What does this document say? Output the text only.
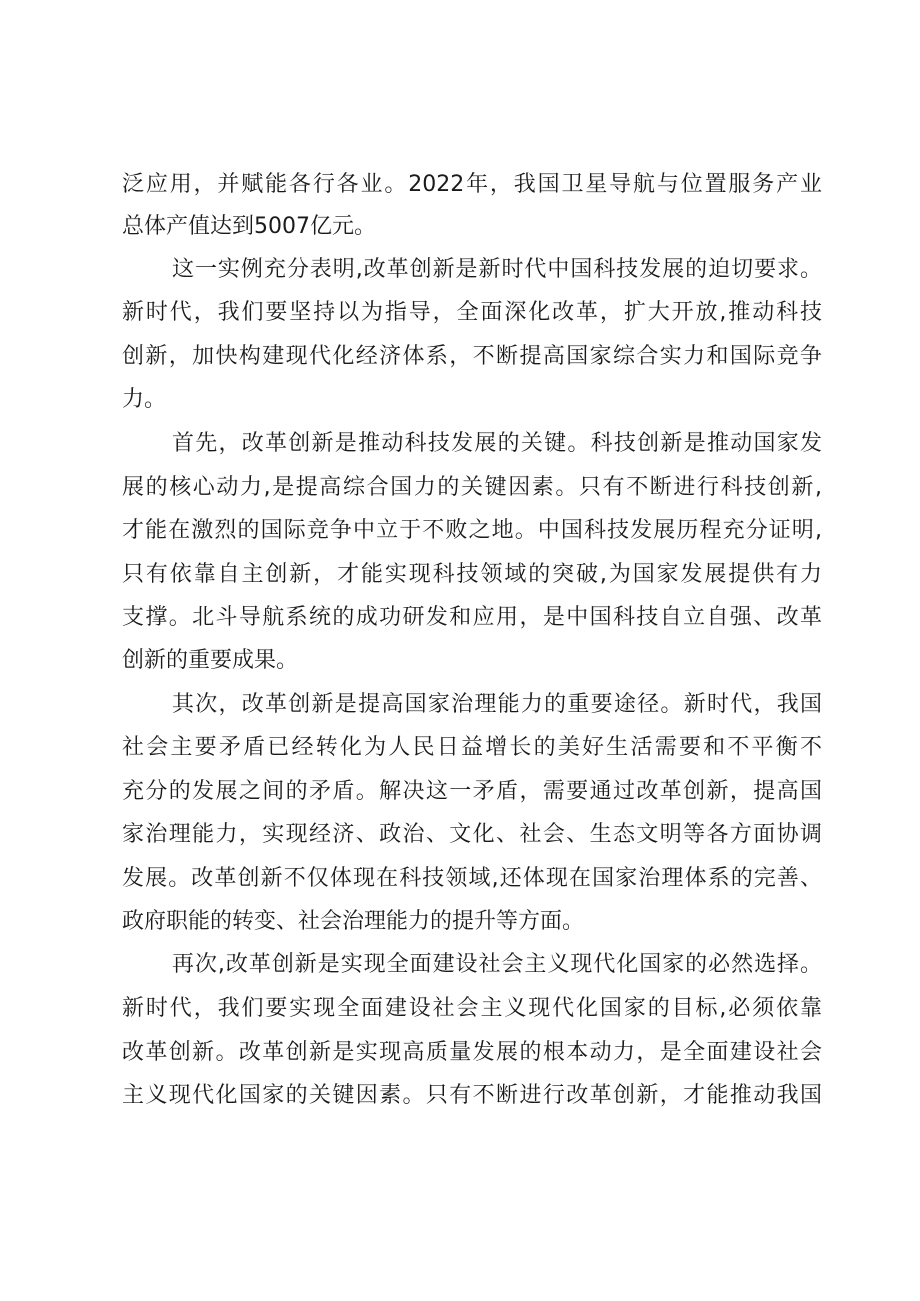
泛应用，并赋能各行各业。2022年，我国卫星导航与位置服务产业
总体产值达到5007亿元。
这一实例充分表明,改革创新是新时代中国科技发展的迫切要求。
新时代，我们要坚持以为指导，全面深化改革，扩大开放,推动科技
创新，加快构建现代化经济体系，不断提高国家综合实力和国际竞争
力。
首先，改革创新是推动科技发展的关键。科技创新是推动国家发
展的核心动力,是提高综合国力的关键因素。只有不断进行科技创新,
才能在激烈的国际竞争中立于不败之地。中国科技发展历程充分证明,
只有依靠自主创新，才能实现科技领域的突破,为国家发展提供有力
支撑。北斗导航系统的成功研发和应用，是中国科技自立自强、改革
创新的重要成果。
其次，改革创新是提高国家治理能力的重要途径。新时代，我国
社会主要矛盾已经转化为人民日益增长的美好生活需要和不平衡不
充分的发展之间的矛盾。解决这一矛盾，需要通过改革创新，提高国
家治理能力，实现经济、政治、文化、社会、生态文明等各方面协调
发展。改革创新不仅体现在科技领域,还体现在国家治理体系的完善、
政府职能的转变、社会治理能力的提升等方面。
再次,改革创新是实现全面建设社会主义现代化国家的必然选择。
新时代，我们要实现全面建设社会主义现代化国家的目标,必须依靠
改革创新。改革创新是实现高质量发展的根本动力，是全面建设社会
主义现代化国家的关键因素。只有不断进行改革创新，才能推动我国
